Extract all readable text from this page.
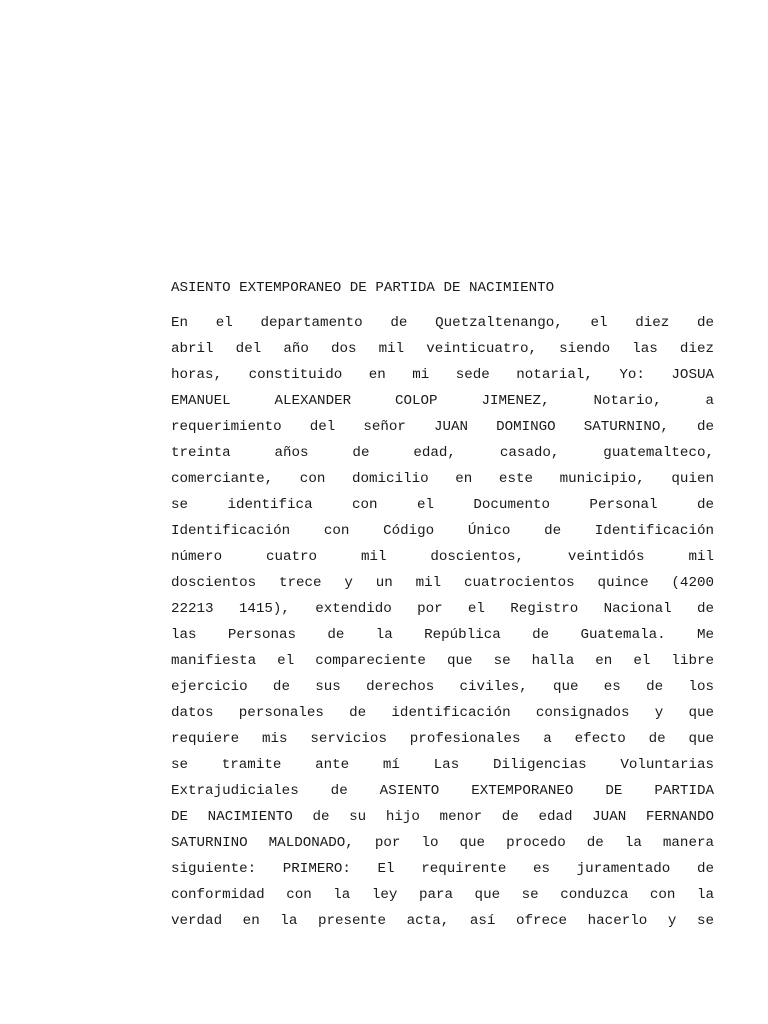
ASIENTO EXTEMPORANEO DE PARTIDA DE NACIMIENTO
En el departamento de Quetzaltenango, el diez de
abril del año dos mil veinticuatro, siendo las diez
horas, constituido en mi sede notarial, Yo: JOSUA
EMANUEL ALEXANDER COLOP JIMENEZ, Notario, a
requerimiento del señor JUAN DOMINGO SATURNINO, de
treinta años de edad, casado, guatemalteco,
comerciante, con domicilio en este municipio, quien
se identifica con el Documento Personal de
Identificación con Código Único de Identificación
número cuatro mil doscientos, veintidós mil
doscientos trece y un mil cuatrocientos quince (4200
22213 1415), extendido por el Registro Nacional de
las Personas de la República de Guatemala. Me
manifiesta el compareciente que se halla en el libre
ejercicio de sus derechos civiles, que es de los
datos personales de identificación consignados y que
requiere mis servicios profesionales a efecto de que
se tramite ante mí Las Diligencias Voluntarias
Extrajudiciales de ASIENTO EXTEMPORANEO DE PARTIDA
DE NACIMIENTO de su hijo menor de edad JUAN FERNANDO
SATURNINO MALDONADO, por lo que procedo de la manera
siguiente: PRIMERO: El requirente es juramentado de
conformidad con la ley para que se conduzca con la
verdad en la presente acta, así ofrece hacerlo y se
